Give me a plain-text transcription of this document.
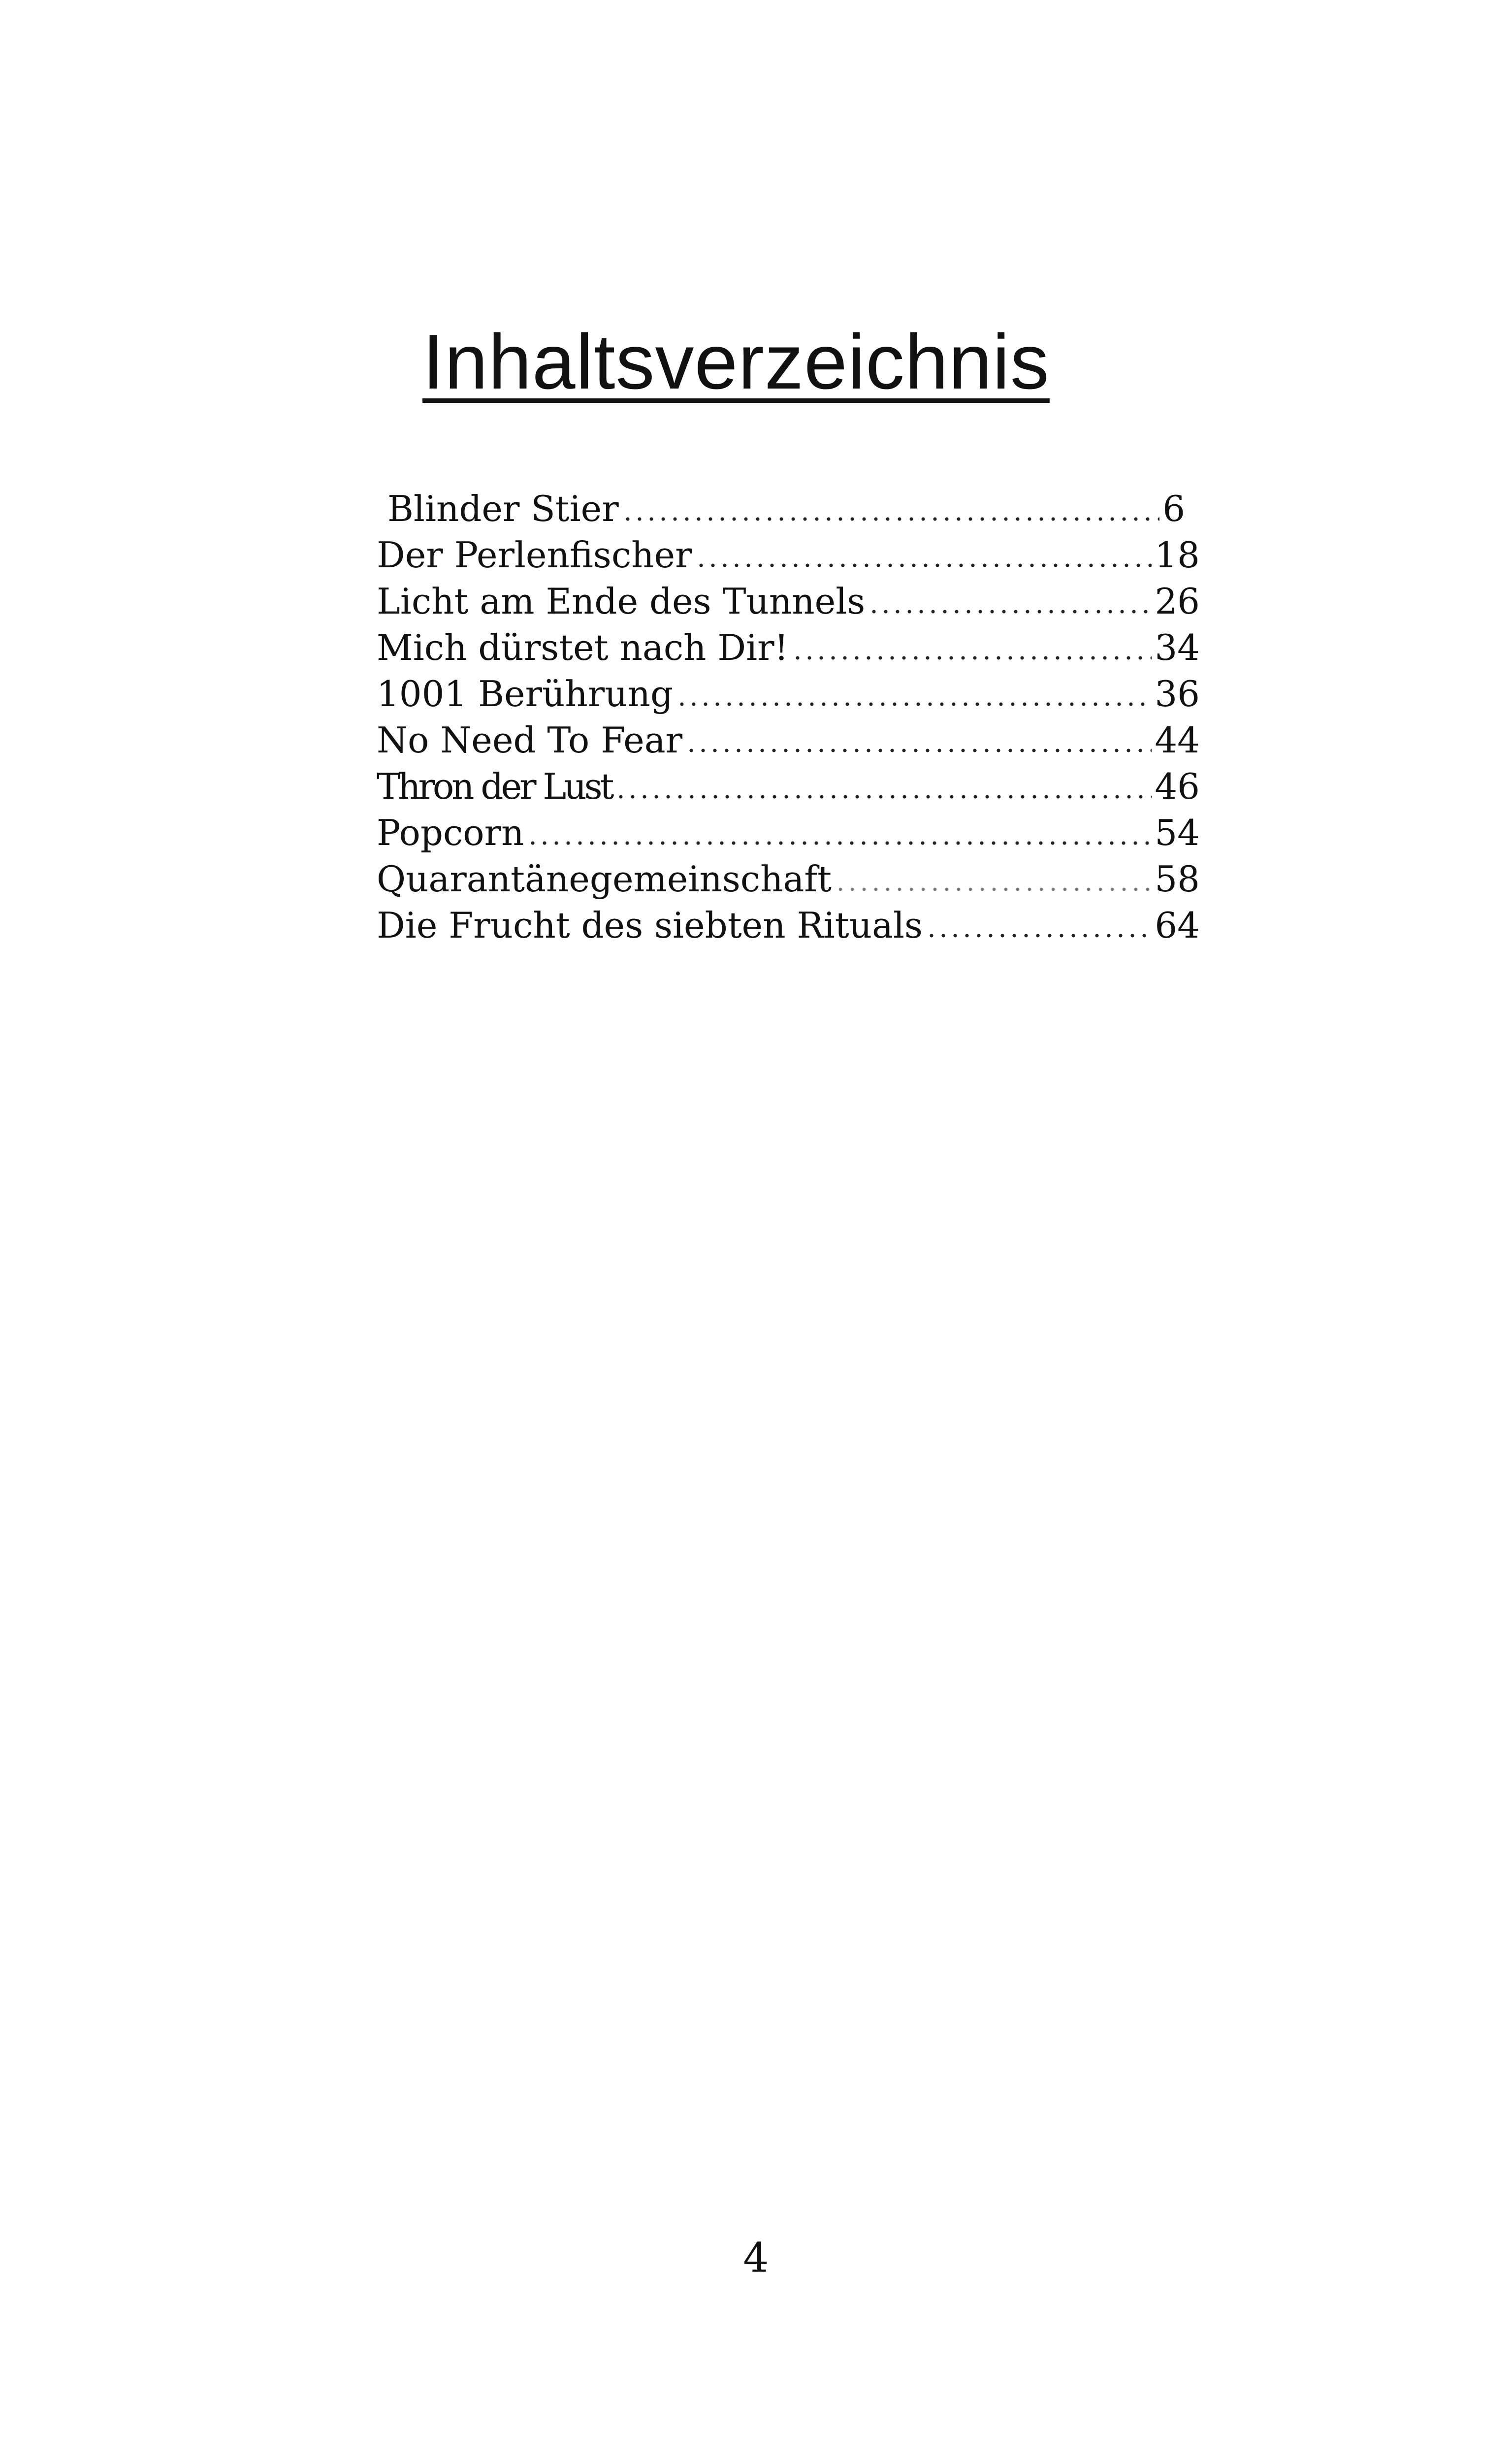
Inhaltsverzeichnis
Blinder Stier	6
Der Perlenfischer	18
Licht am Ende des Tunnels	26
Mich dürstet nach Dir!	34
1001 Berührung	36
No Need To Fear	44
Thron der Lust	46
Popcorn	54
Quarantänegemeinschaft	58
Die Frucht des siebten Rituals	64
4
